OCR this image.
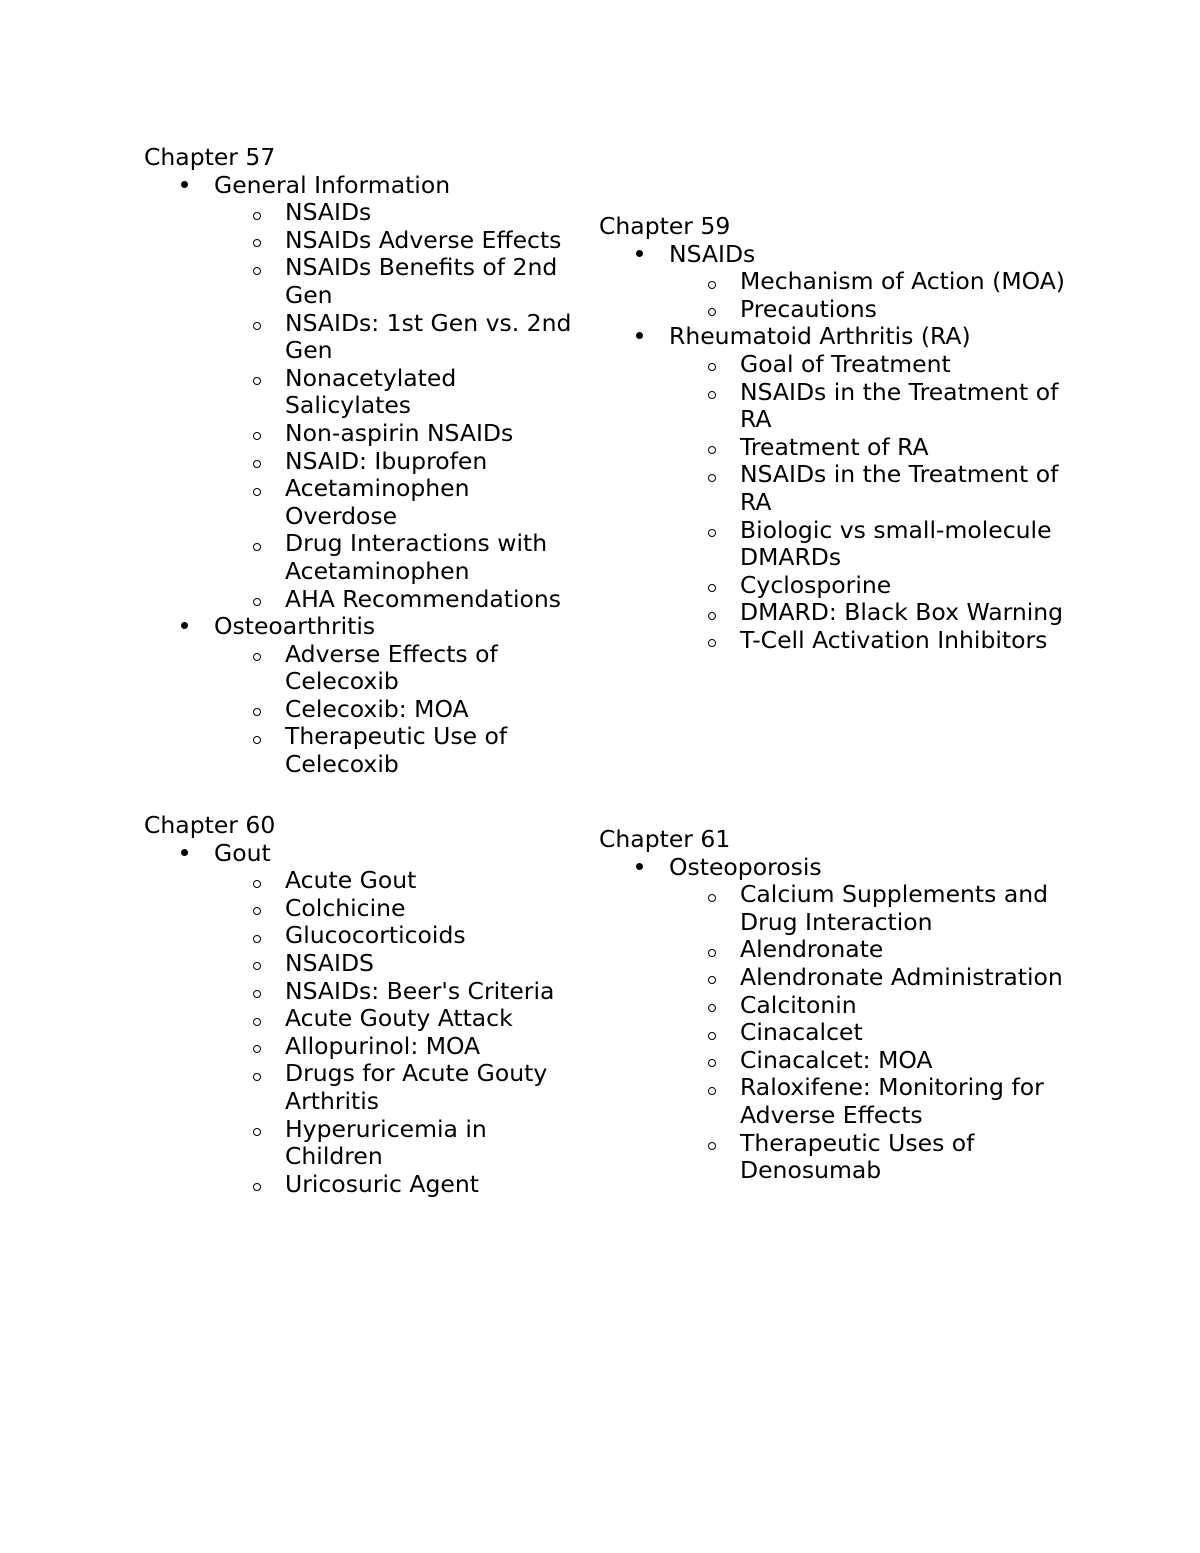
Chapter 57
General Information
NSAIDs
NSAIDs Adverse Effects
NSAIDs Benefits of 2nd Gen
NSAIDs: 1st Gen vs. 2nd Gen
Nonacetylated Salicylates
Non-aspirin NSAIDs
NSAID: Ibuprofen
Acetaminophen Overdose
Drug Interactions with Acetaminophen
AHA Recommendations
Osteoarthritis
Adverse Effects of Celecoxib
Celecoxib: MOA
Therapeutic Use of Celecoxib
Chapter 59
NSAIDs
Mechanism of Action (MOA)
Precautions
Rheumatoid Arthritis (RA)
Goal of Treatment
NSAIDs in the Treatment of RA
Treatment of RA
NSAIDs in the Treatment of RA
Biologic vs small-molecule DMARDs
Cyclosporine
DMARD: Black Box Warning
T-Cell Activation Inhibitors
Chapter 60
Gout
Acute Gout
Colchicine
Glucocorticoids
NSAIDS
NSAIDs: Beer's Criteria
Acute Gouty Attack
Allopurinol: MOA
Drugs for Acute Gouty Arthritis
Hyperuricemia in Children
Uricosuric Agent
Chapter 61
Osteoporosis
Calcium Supplements and Drug Interaction
Alendronate
Alendronate Administration
Calcitonin
Cinacalcet
Cinacalcet: MOA
Raloxifene: Monitoring for Adverse Effects
Therapeutic Uses of Denosumab
